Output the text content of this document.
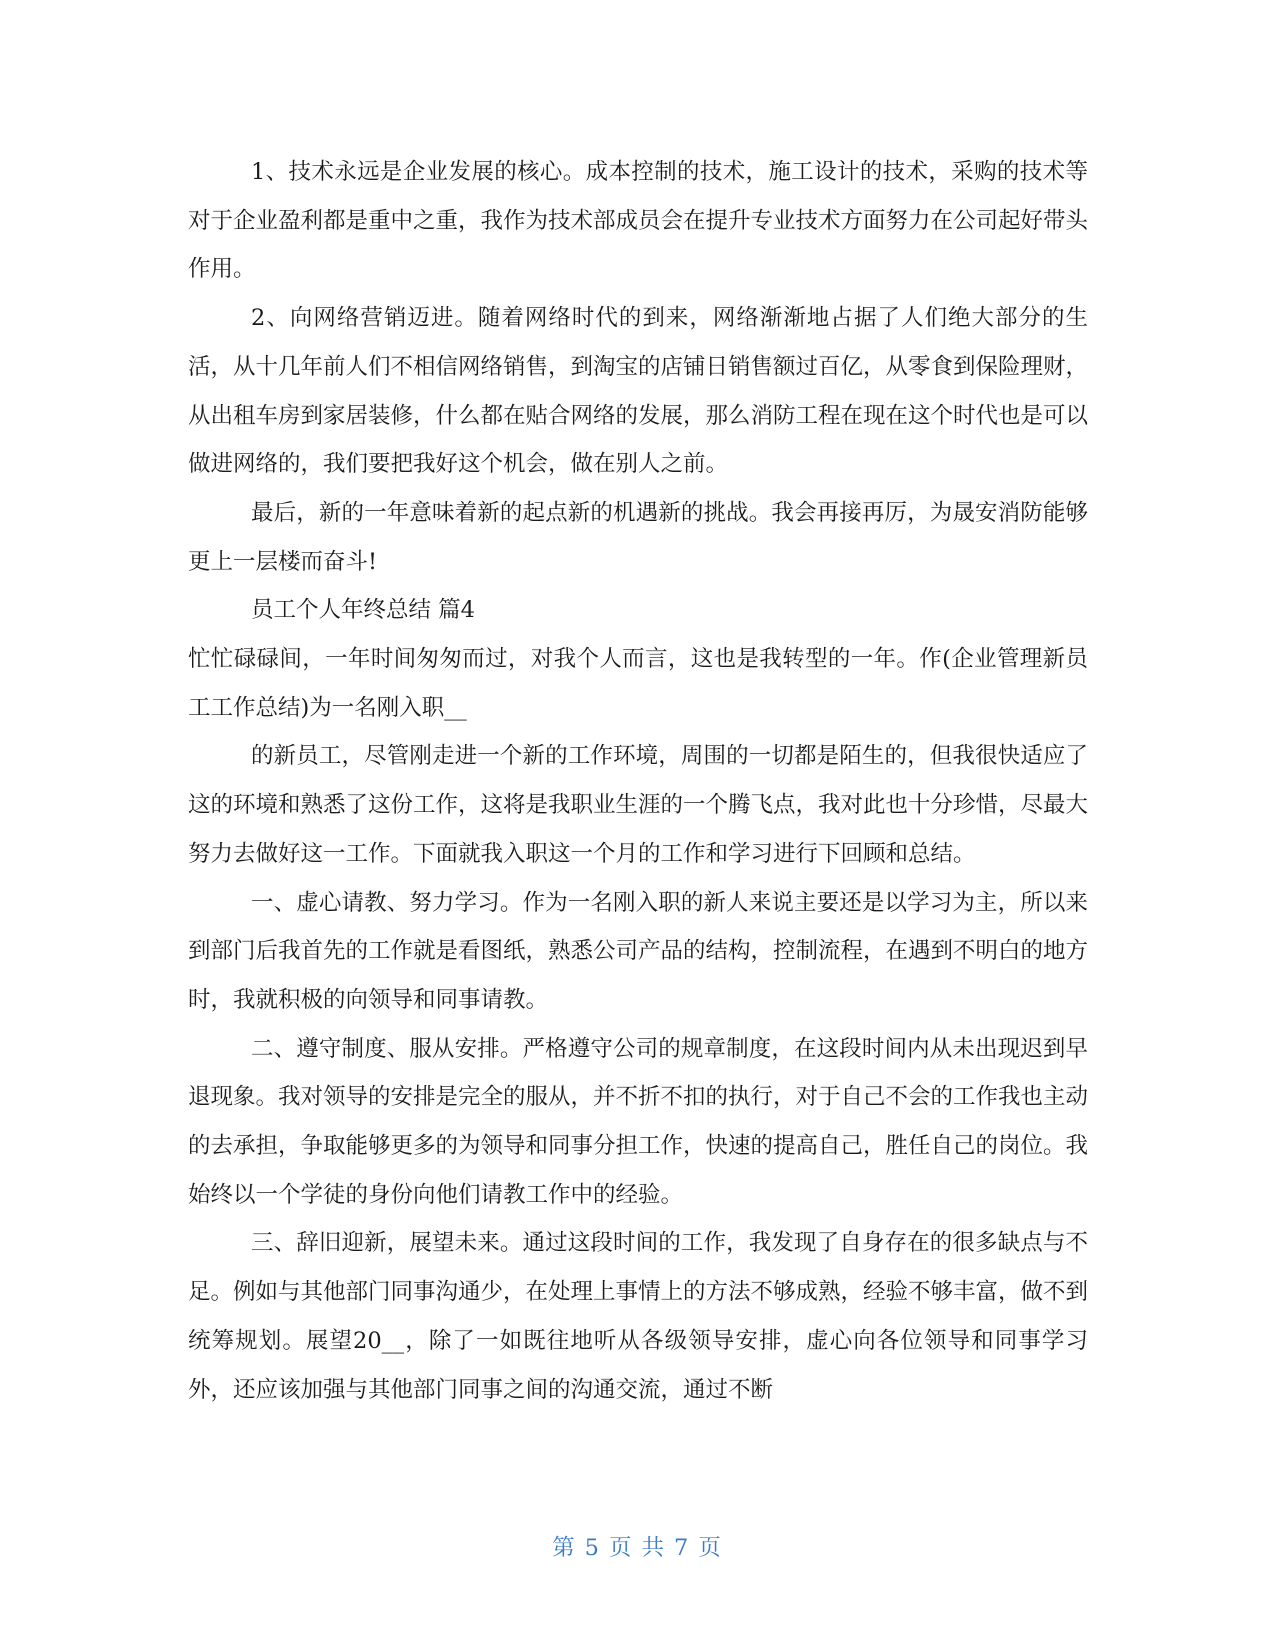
1、技术永远是企业发展的核心。成本控制的技术，施工设计的技术，采购的技术等对于企业盈利都是重中之重，我作为技术部成员会在提升专业技术方面努力在公司起好带头作用。

2、向网络营销迈进。随着网络时代的到来，网络渐渐地占据了人们绝大部分的生活，从十几年前人们不相信网络销售，到淘宝的店铺日销售额过百亿，从零食到保险理财，从出租车房到家居装修，什么都在贴合网络的发展，那么消防工程在现在这个时代也是可以做进网络的，我们要把我好这个机会，做在别人之前。

最后，新的一年意味着新的起点新的机遇新的挑战。我会再接再厉，为晟安消防能够更上一层楼而奋斗!

员工个人年终总结 篇4

忙忙碌碌间，一年时间匆匆而过，对我个人而言，这也是我转型的一年。作(企业管理新员工工作总结)为一名刚入职__

的新员工，尽管刚走进一个新的工作环境，周围的一切都是陌生的，但我很快适应了这的环境和熟悉了这份工作，这将是我职业生涯的一个腾飞点，我对此也十分珍惜，尽最大努力去做好这一工作。下面就我入职这一个月的工作和学习进行下回顾和总结。

一、虚心请教、努力学习。作为一名刚入职的新人来说主要还是以学习为主，所以来到部门后我首先的工作就是看图纸，熟悉公司产品的结构，控制流程，在遇到不明白的地方时，我就积极的向领导和同事请教。

二、遵守制度、服从安排。严格遵守公司的规章制度，在这段时间内从未出现迟到早退现象。我对领导的安排是完全的服从，并不折不扣的执行，对于自己不会的工作我也主动的去承担，争取能够更多的为领导和同事分担工作，快速的提高自己，胜任自己的岗位。我始终以一个学徒的身份向他们请教工作中的经验。

三、辞旧迎新，展望未来。通过这段时间的工作，我发现了自身存在的很多缺点与不足。例如与其他部门同事沟通少，在处理上事情上的方法不够成熟，经验不够丰富，做不到统筹规划。展望20__，除了一如既往地听从各级领导安排，虚心向各位领导和同事学习外，还应该加强与其他部门同事之间的沟通交流，通过不断

第 5 页 共 7 页
